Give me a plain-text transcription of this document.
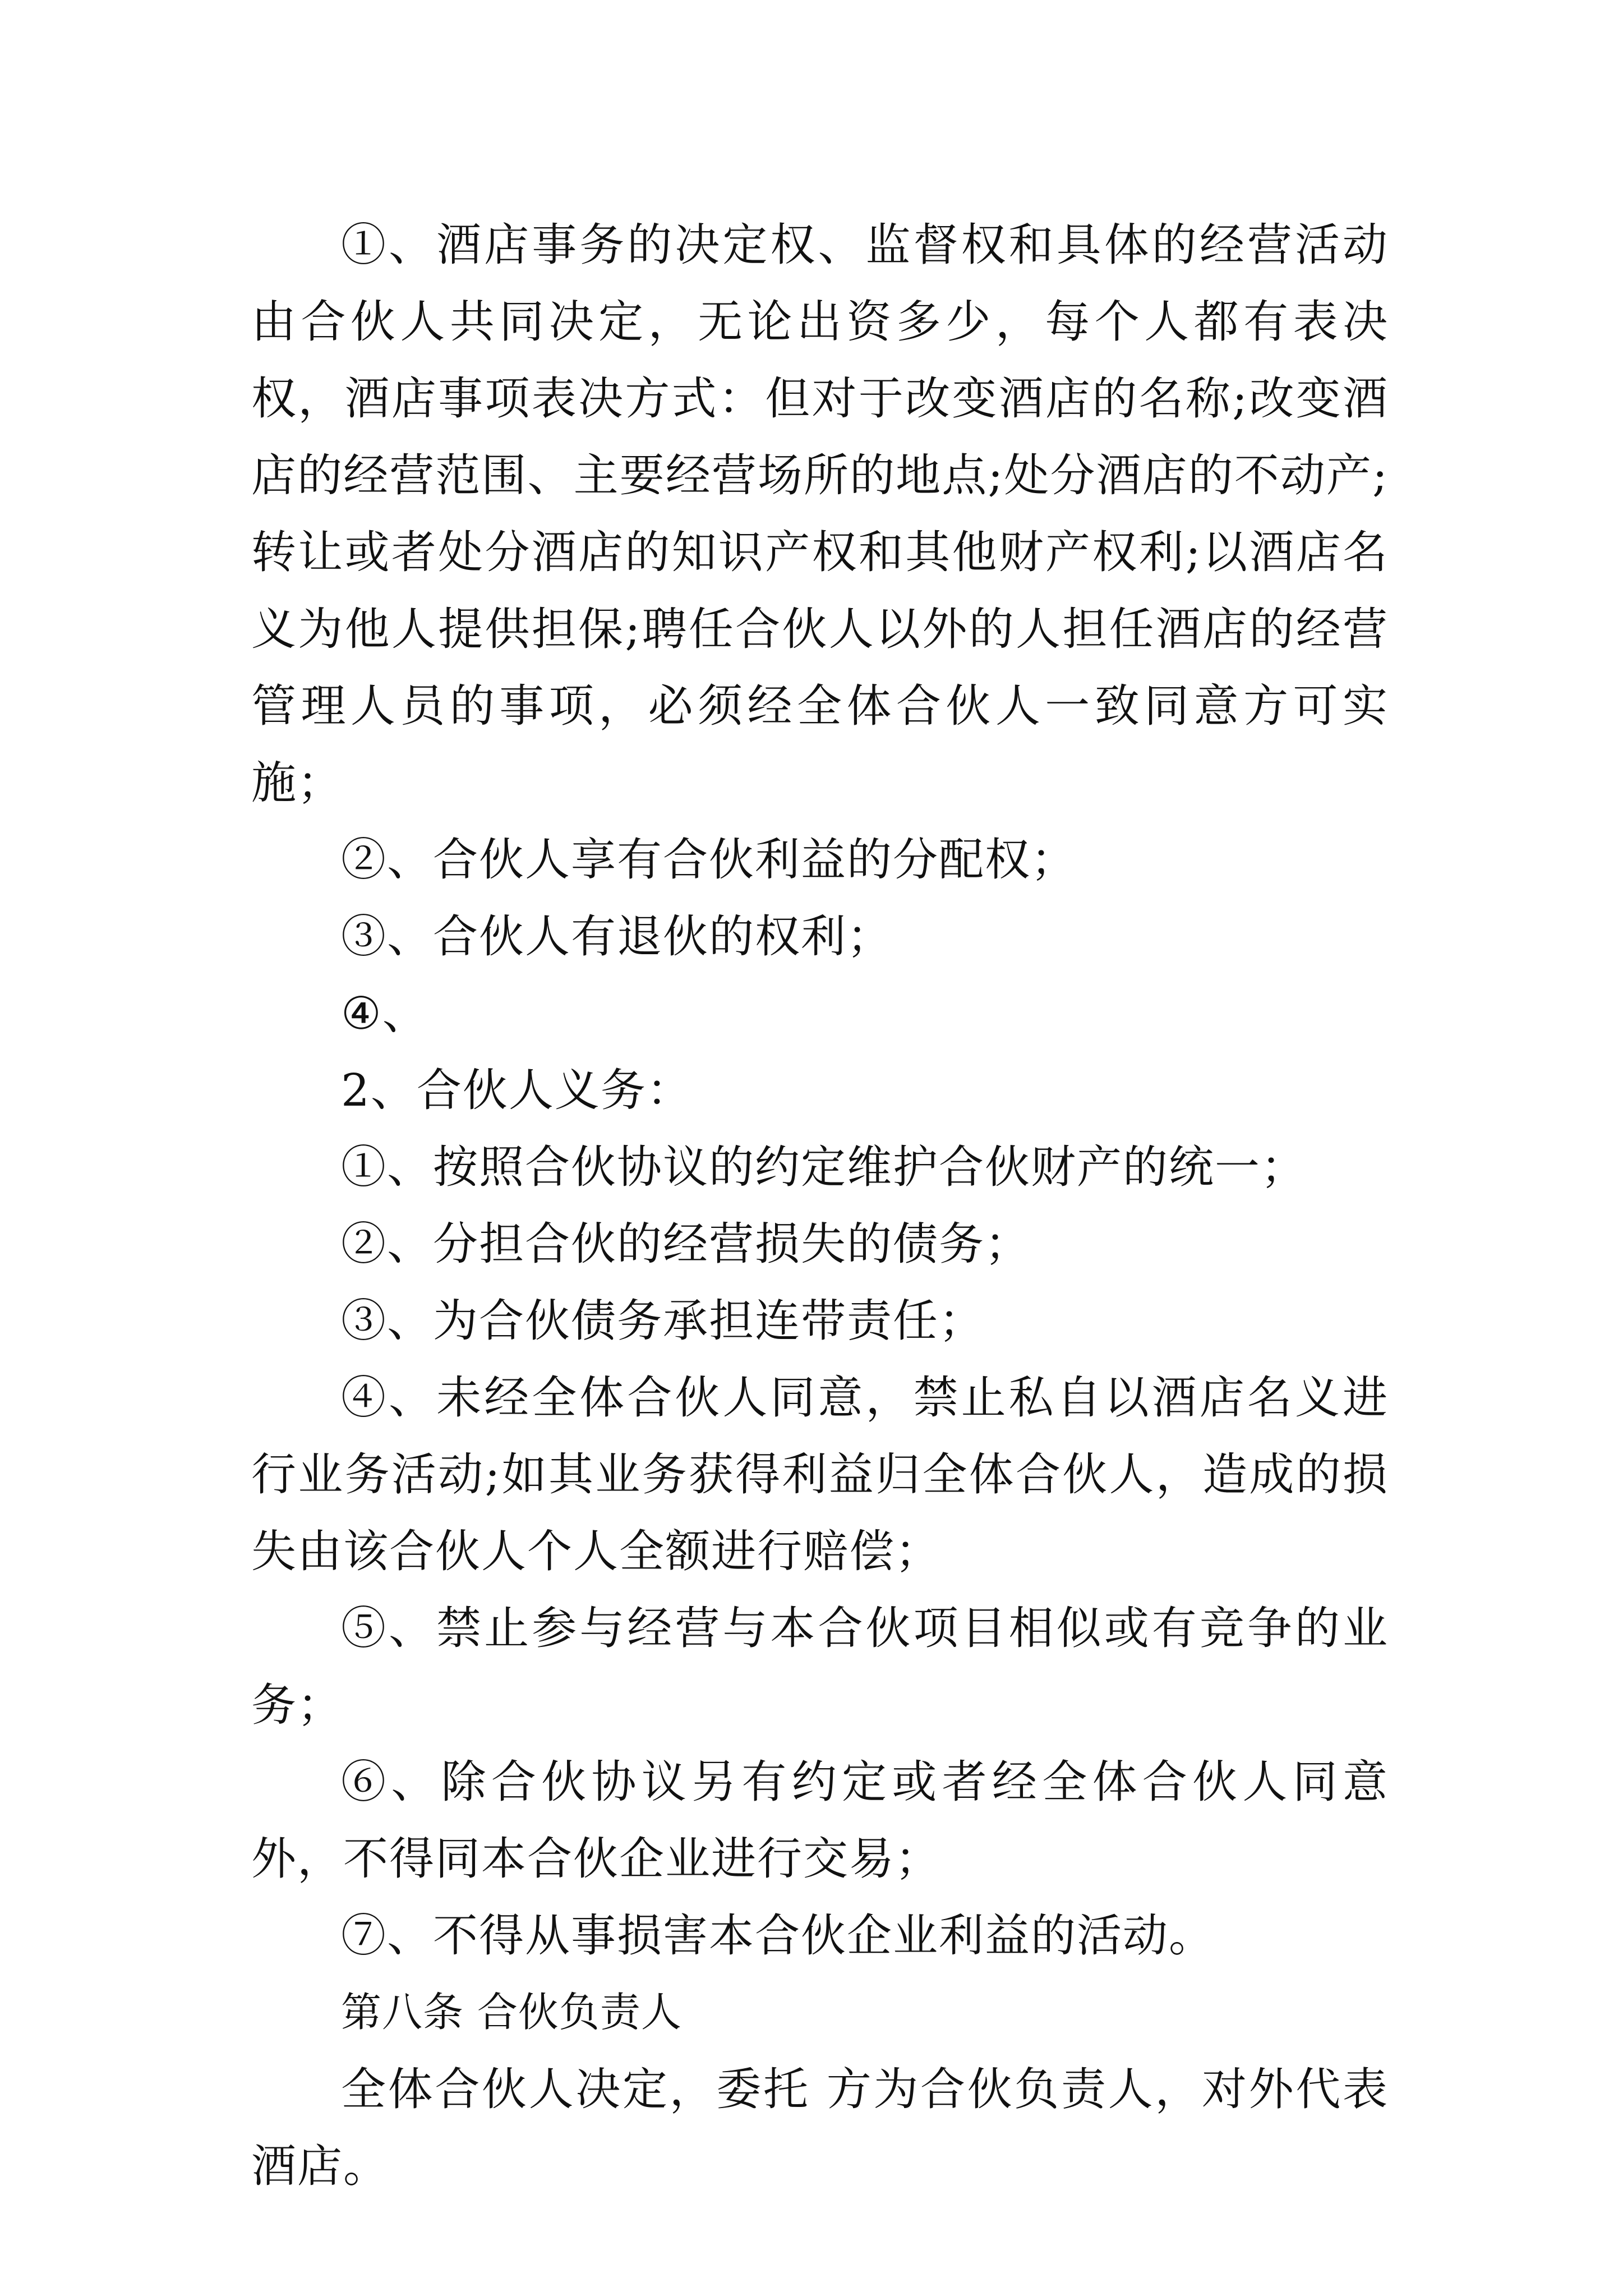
①、酒店事务的决定权、监督权和具体的经营活动由合伙人共同决定，无论出资多少，每个人都有表决权，酒店事项表决方式：但对于改变酒店的名称;改变酒店的经营范围、主要经营场所的地点;处分酒店的不动产;转让或者处分酒店的知识产权和其他财产权利;以酒店名义为他人提供担保;聘任合伙人以外的人担任酒店的经营管理人员的事项，必须经全体合伙人一致同意方可实施；

②、合伙人享有合伙利益的分配权；

③、合伙人有退伙的权利；

④、

2、合伙人义务：

①、按照合伙协议的约定维护合伙财产的统一；

②、分担合伙的经营损失的债务；

③、为合伙债务承担连带责任；

④、未经全体合伙人同意，禁止私自以酒店名义进行业务活动;如其业务获得利益归全体合伙人，造成的损失由该合伙人个人全额进行赔偿；

⑤、禁止参与经营与本合伙项目相似或有竞争的业务；

⑥、除合伙协议另有约定或者经全体合伙人同意外，不得同本合伙企业进行交易；

⑦、不得从事损害本合伙企业利益的活动。

第八条 合伙负责人

全体合伙人决定，委托 方为合伙负责人，对外代表酒店。
